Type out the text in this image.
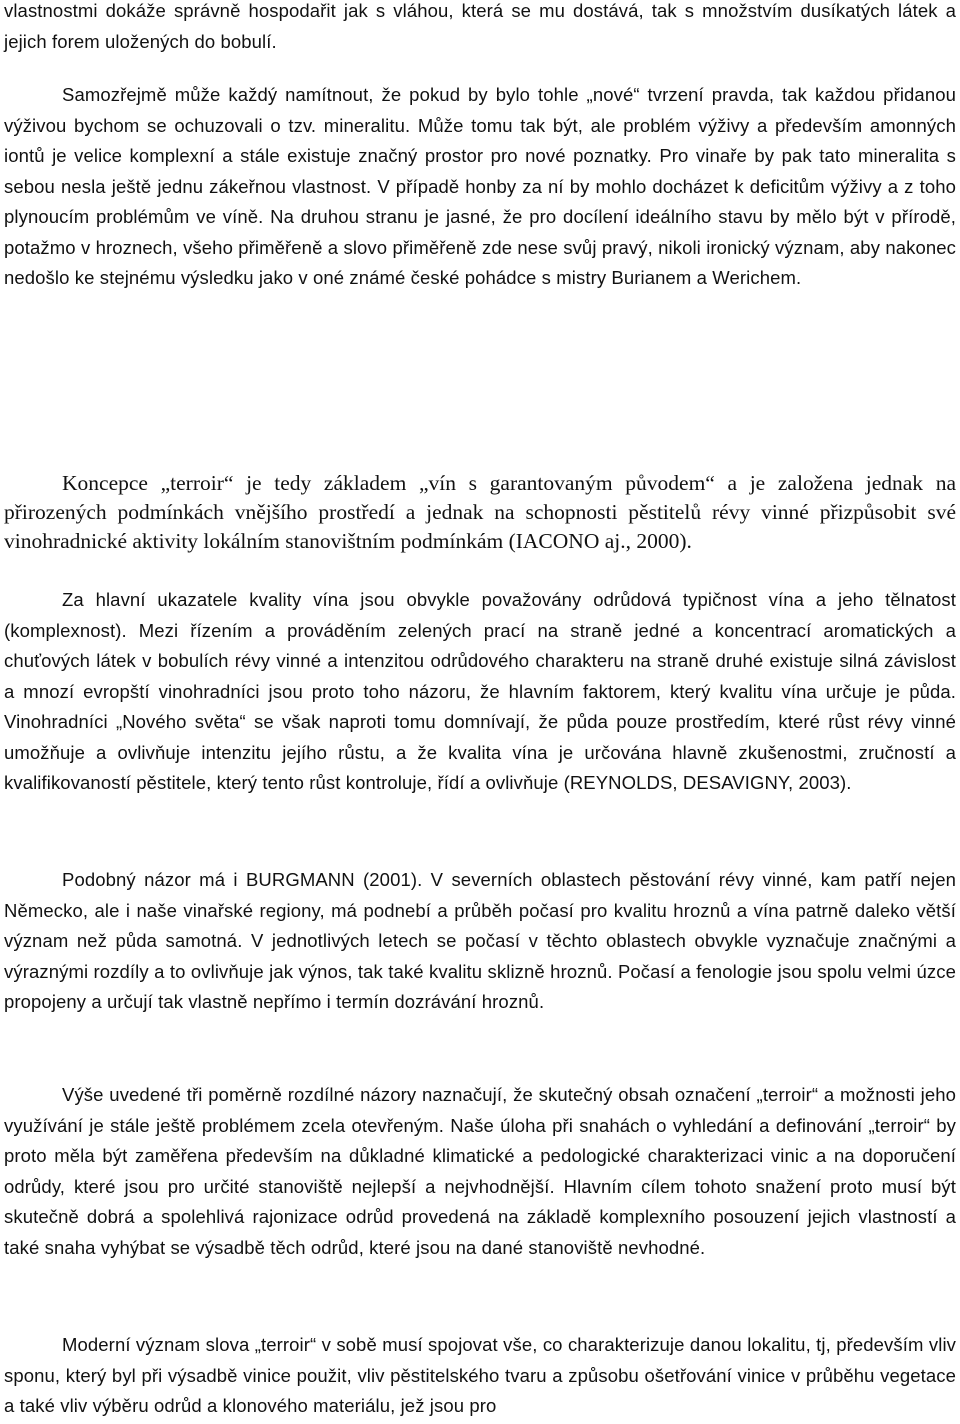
vlastnostmi dokáže správně hospodařit jak s vláhou, která se mu dostává, tak s množstvím dusíkatých látek a jejich forem uložených do bobulí.

Samozřejmě může každý namítnout, že pokud by bylo tohle „nové“ tvrzení pravda, tak každou přidanou výživou bychom se ochuzovali o tzv. mineralitu. Může tomu tak být, ale problém výživy a především amonných iontů je velice komplexní a stále existuje značný prostor pro nové poznatky. Pro vinaře by pak tato mineralita s sebou nesla ještě jednu zákeřnou vlastnost. V případě honby za ní by mohlo docházet k deficitům výživy a z toho plynoucím problémům ve víně. Na druhou stranu je jasné, že pro docílení ideálního stavu by mělo být v přírodě, potažmo v hroznech, všeho přiměřeně a slovo přiměřeně zde nese svůj pravý, nikoli ironický význam, aby nakonec nedošlo ke stejnému výsledku jako v oné známé české pohádce s mistry Burianem a Werichem.

Koncepce „terroir“ je tedy základem „vín s garantovaným původem“ a je založena jednak na přirozených podmínkách vnějšího prostředí a jednak na schopnosti pěstitelů révy vinné přizpůsobit své vinohradnické aktivity lokálním stanovištním podmínkám (IACONO aj., 2000).

Za hlavní ukazatele kvality vína jsou obvykle považovány odrůdová typičnost vína a jeho tělnatost (komplexnost). Mezi řízením a prováděním zelených prací na straně jedné a koncentrací aromatických a chuťových látek v bobulích révy vinné a intenzitou odrůdového charakteru na straně druhé existuje silná závislost a mnozí evropští vinohradníci jsou proto toho názoru, že hlavním faktorem, který kvalitu vína určuje je půda. Vinohradníci „Nového světa“ se však naproti tomu domnívají, že půda pouze prostředím, které růst révy vinné umožňuje a ovlivňuje intenzitu jejího růstu, a že kvalita vína je určována hlavně zkušenostmi, zručností a kvalifikovaností pěstitele, který tento růst kontroluje, řídí a ovlivňuje (REYNOLDS, DESAVIGNY, 2003).

Podobný názor má i BURGMANN (2001). V severních oblastech pěstování révy vinné, kam patří nejen Německo, ale i naše vinařské regiony, má podnebí a průběh počasí pro kvalitu hroznů a vína patrně daleko větší význam než půda samotná. V jednotlivých letech se počasí v těchto oblastech obvykle vyznačuje značnými a výraznými rozdíly a to ovlivňuje jak výnos, tak také kvalitu sklizně hroznů. Počasí a fenologie jsou spolu velmi úzce propojeny a určují tak vlastně nepřímo i termín dozrávání hroznů.

Výše uvedené tři poměrně rozdílné názory naznačují, že skutečný obsah označení „terroir“ a možnosti jeho využívání je stále ještě problémem zcela otevřeným. Naše úloha při snahách o vyhledání a definování „terroir“ by proto měla být zaměřena především na důkladné klimatické a pedologické charakterizaci vinic a na doporučení odrůdy, které jsou pro určité stanoviště nejlepší a nejvhodnější. Hlavním cílem tohoto snažení proto musí být skutečně dobrá a spolehlivá rajonizace odrůd provedená na základě komplexního posouzení jejich vlastností a také snaha vyhýbat se výsadbě těch odrůd, které jsou na dané stanoviště nevhodné.

Moderní význam slova „terroir“ v sobě musí spojovat vše, co charakterizuje danou lokalitu, tj, především vliv sponu, který byl při výsadbě vinice použit, vliv pěstitelského tvaru a způsobu ošetřování vinice v průběhu vegetace a také vliv výběru odrůd a klonového materiálu, jež jsou pro
